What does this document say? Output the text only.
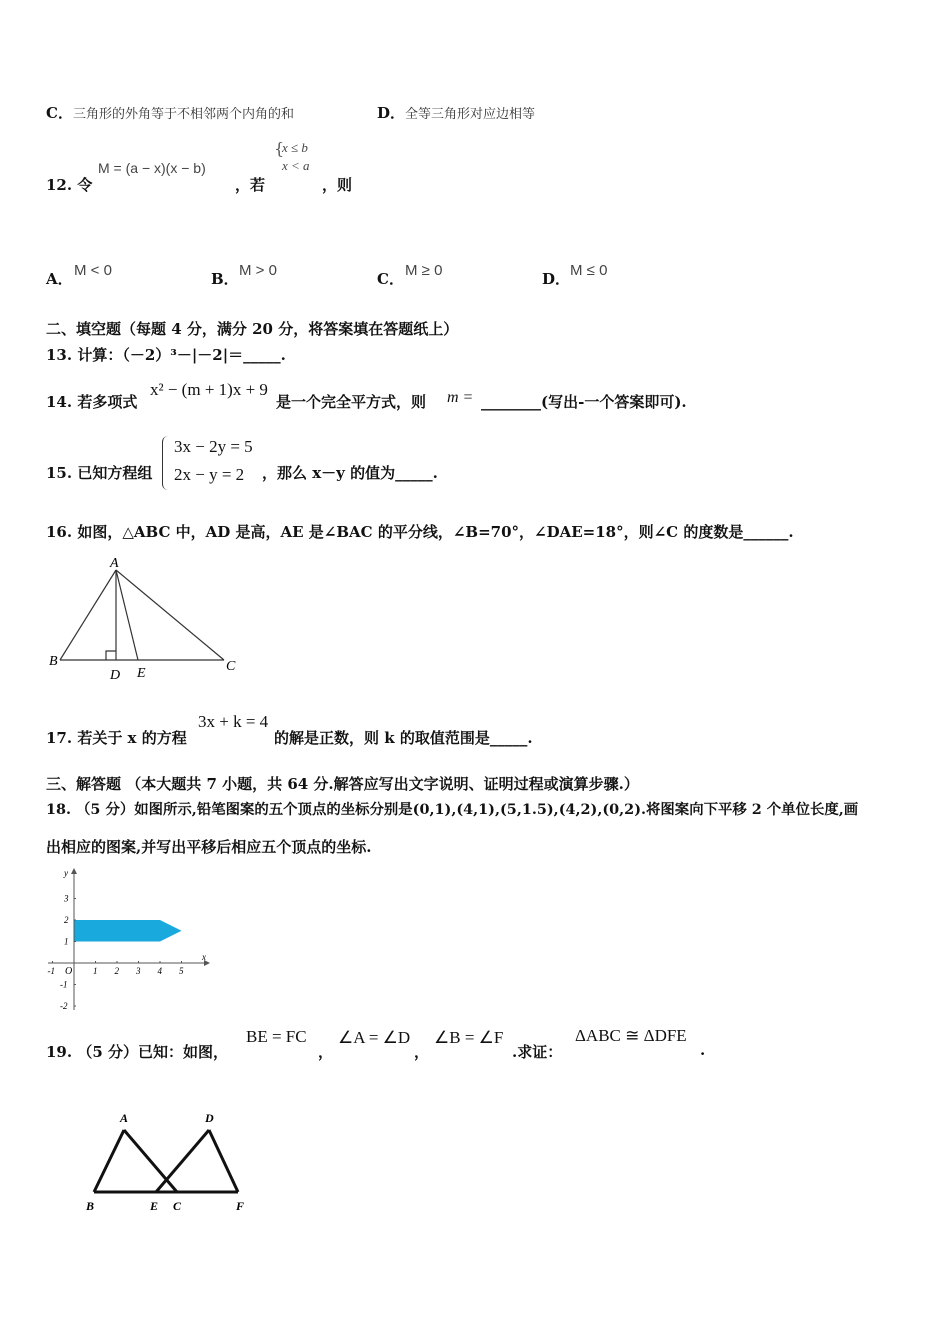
C．三角形的外角等于不相邻两个内角的和	D．全等三角形对应边相等
12. 令
M = (a − x)(x − b)
，若
{
x ≤ b
x < a
，则
A． M < 0	B． M > 0	C． M ≥ 0	D． M ≤ 0
二、填空题（每题 4 分，满分 20 分，将答案填在答题纸上）
13. 计算：（－2）³－|－2|＝_____.
14. 若多项式
x² − (m + 1)x + 9
是一个完全平方式，则 m = ________(写出-一个答案即可).
15. 已知方程组
3x − 2y = 5
2x − y = 2 ，那么 x－y 的值为_____.
16. 如图，△ABC 中，AD 是高，AE 是∠BAC 的平分线，∠B=70°，∠DAE=18°，则∠C 的度数是______.
A
B	C
D E
17. 若关于 x 的方程
3x + k = 4
的解是正数，则 k 的取值范围是_____.
三、解答题 （本大题共 7 小题，共 64 分.解答应写出文字说明、证明过程或演算步骤.）
18. （5 分）如图所示,铅笔图案的五个顶点的坐标分别是(0,1),(4,1),(5,1.5),(4,2),(0,2).将图案向下平移 2 个单位长度,画
出相应的图案,并写出平移后相应五个顶点的坐标.
x
y
O
-1	1 2 3 4 5
3
2
1
-1
-2
19. （5 分）已知：如图，
BE = FC
，
∠A = ∠D
，
∠B = ∠F
.求证：
ΔABC ≅ ΔDFE
.
A	D
B	E C	F
